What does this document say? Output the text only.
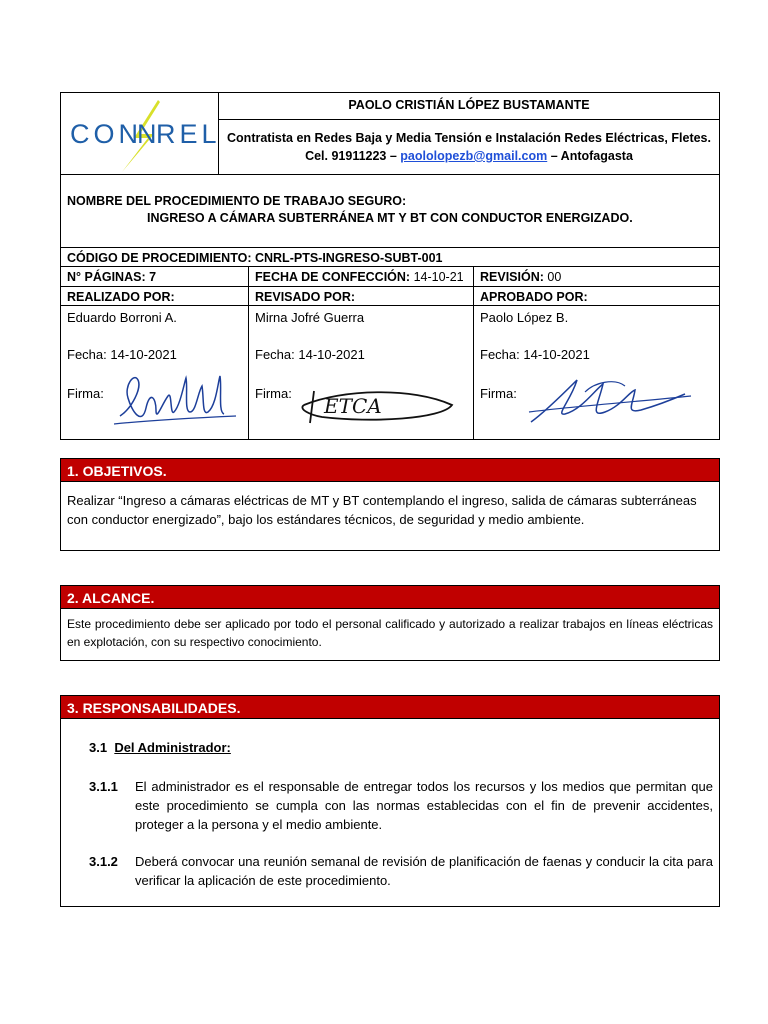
CON
N REL
PAOLO CRISTIÁN LÓPEZ BUSTAMANTE
Contratista en Redes Baja y Media Tensión e Instalación Redes Eléctricas, Fletes.
Cel. 91911223 – paololopezb@gmail.com – Antofagasta
NOMBRE DEL PROCEDIMIENTO DE TRABAJO SEGURO:
INGRESO A CÁMARA SUBTERRÁNEA MT Y BT CON CONDUCTOR ENERGIZADO.
CÓDIGO DE PROCEDIMIENTO: CNRL-PTS-INGRESO-SUBT-001
N° PÁGINAS: 7	FECHA DE CONFECCIÓN: 14-10-21	REVISIÓN: 00
REALIZADO POR:	REVISADO POR:	APROBADO POR:
Eduardo Borroni A.	Mirna Jofré Guerra	Paolo López B.
Fecha: 14-10-2021	Fecha: 14-10-2021	Fecha: 14-10-2021
Firma:	Firma:	Firma:
ETCA
1. OBJETIVOS.
Realizar “Ingreso a cámaras eléctricas de MT y BT contemplando el ingreso, salida de cámaras subterráneas con conductor energizado”, bajo los estándares técnicos, de seguridad y medio ambiente.
2. ALCANCE.
Este procedimiento debe ser aplicado por todo el personal calificado y autorizado a realizar trabajos en líneas eléctricas en explotación, con su respectivo conocimiento.
3. RESPONSABILIDADES.
3.1 Del Administrador:
3.1.1 El administrador es el responsable de entregar todos los recursos y los medios que permitan que este procedimiento se cumpla con las normas establecidas con el fin de prevenir accidentes, proteger a la persona y el medio ambiente.
3.1.2 Deberá convocar una reunión semanal de revisión de planificación de faenas y conducir la cita para verificar la aplicación de este procedimiento.
